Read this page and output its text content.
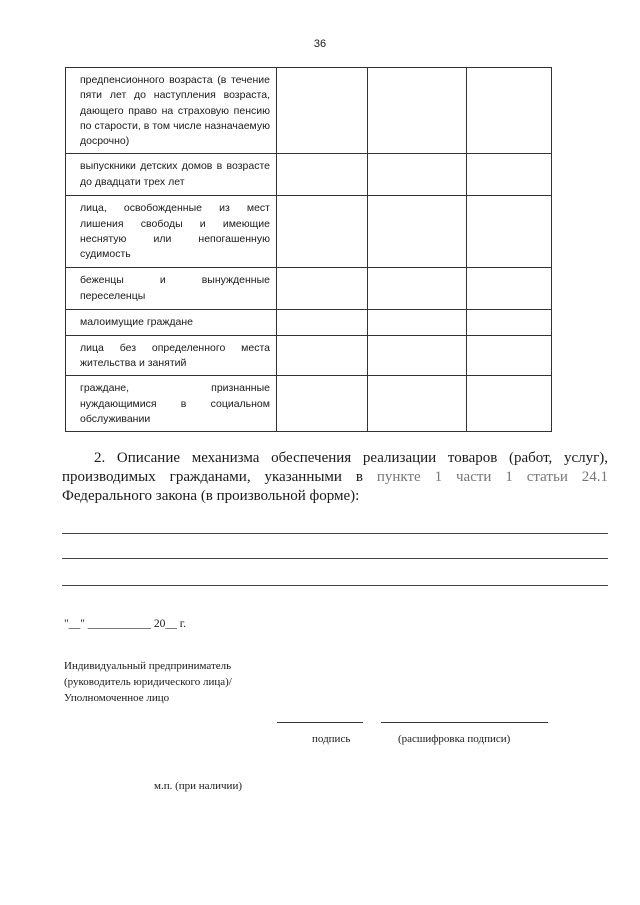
36
предпенсионного возраста (в течение пяти лет до наступления возраста, дающего право на страховую пенсию по старости, в том числе назначаемую досрочно)			

выпускники детских домов в возрасте до двадцати трех лет			

лица, освобожденные из мест лишения свободы и имеющие неснятую или непогашенную судимость			

беженцы и вынужденные переселенцы			

малоимущие граждане			

лица без определенного места жительства и занятий			

граждане, признанные нуждающимися в социальном обслуживании			

2. Описание механизма обеспечения реализации товаров (работ, услуг), производимых гражданами, указанными в пункте 1 части 1 статьи 24.1 Федерального закона (в произвольной форме):
"__" ___________ 20__ г.
Индивидуальный предприниматель (руководитель юридического лица)/Уполномоченное лицо
подпись	(расшифровка подписи)
м.п. (при наличии)
